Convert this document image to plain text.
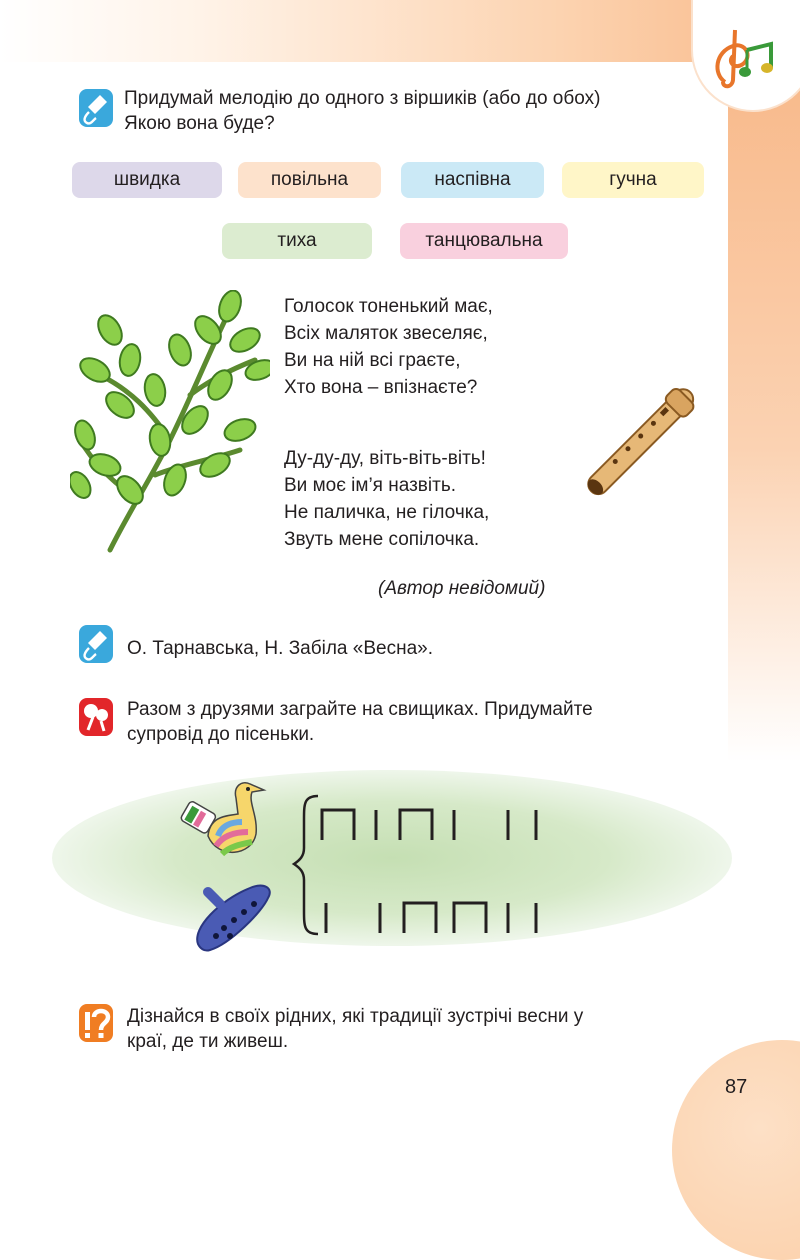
Придумай мелодію до одного з віршиків (або до обох)
Якою вона буде?
швидка	повільна	наспівна	гучна
тиха	танцювальна
Голосок тоненький має,
Всіх маляток звеселяє,
Ви на ній всі граєте,
Хто вона – впізнаєте?
Ду-ду-ду, віть-віть-віть!
Ви моє ім’я назвіть.
Не паличка, не гілочка,
Звуть мене сопілочка.
(Автор невідомий)
О. Тарнавська, Н. Забіла «Весна».
Разом з друзями заграйте на свищиках. Придумайте
супровід до пісеньки.
Дізнайся в своїх рідних, які традиції зустрічі весни у
краї, де ти живеш.
87
